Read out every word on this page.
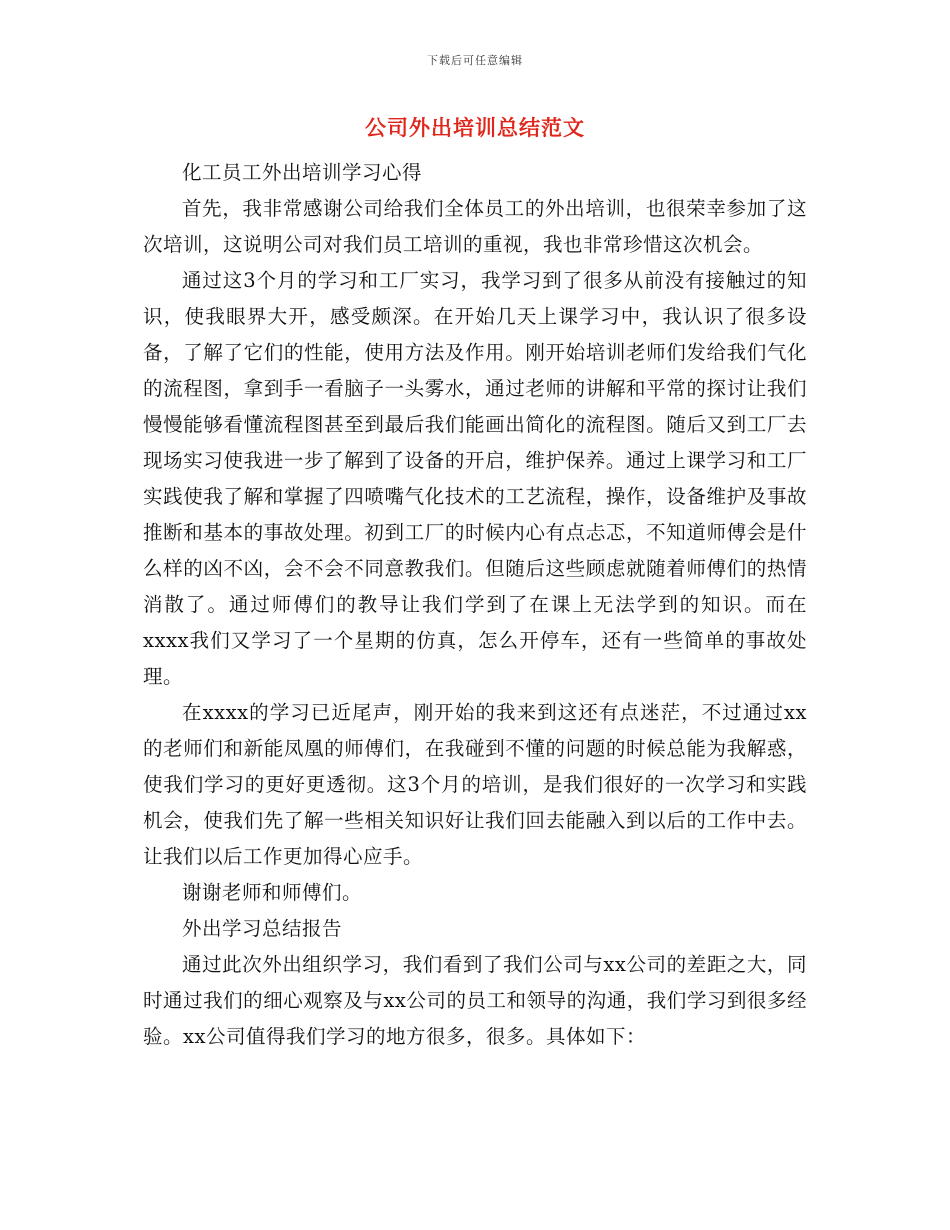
下载后可任意编辑
公司外出培训总结范文

化工员工外出培训学习心得

首先，我非常感谢公司给我们全体员工的外出培训，也很荣幸参加了这次培训，这说明公司对我们员工培训的重视，我也非常珍惜这次机会。

通过这3个月的学习和工厂实习，我学习到了很多从前没有接触过的知识，使我眼界大开，感受颇深。在开始几天上课学习中，我认识了很多设备，了解了它们的性能，使用方法及作用。刚开始培训老师们发给我们气化的流程图，拿到手一看脑子一头雾水，通过老师的讲解和平常的探讨让我们慢慢能够看懂流程图甚至到最后我们能画出简化的流程图。随后又到工厂去现场实习使我进一步了解到了设备的开启，维护保养。通过上课学习和工厂实践使我了解和掌握了四喷嘴气化技术的工艺流程，操作，设备维护及事故推断和基本的事故处理。初到工厂的时候内心有点忐忑，不知道师傅会是什么样的凶不凶，会不会不同意教我们。但随后这些顾虑就随着师傅们的热情消散了。通过师傅们的教导让我们学到了在课上无法学到的知识。而在xxxx我们又学习了一个星期的仿真，怎么开停车，还有一些简单的事故处理。

在xxxx的学习已近尾声，刚开始的我来到这还有点迷茫，不过通过xx的老师们和新能凤凰的师傅们，在我碰到不懂的问题的时候总能为我解惑，使我们学习的更好更透彻。这3个月的培训，是我们很好的一次学习和实践机会，使我们先了解一些相关知识好让我们回去能融入到以后的工作中去。让我们以后工作更加得心应手。

谢谢老师和师傅们。

外出学习总结报告

通过此次外出组织学习，我们看到了我们公司与xx公司的差距之大，同时通过我们的细心观察及与xx公司的员工和领导的沟通，我们学习到很多经验。xx公司值得我们学习的地方很多，很多。具体如下：
